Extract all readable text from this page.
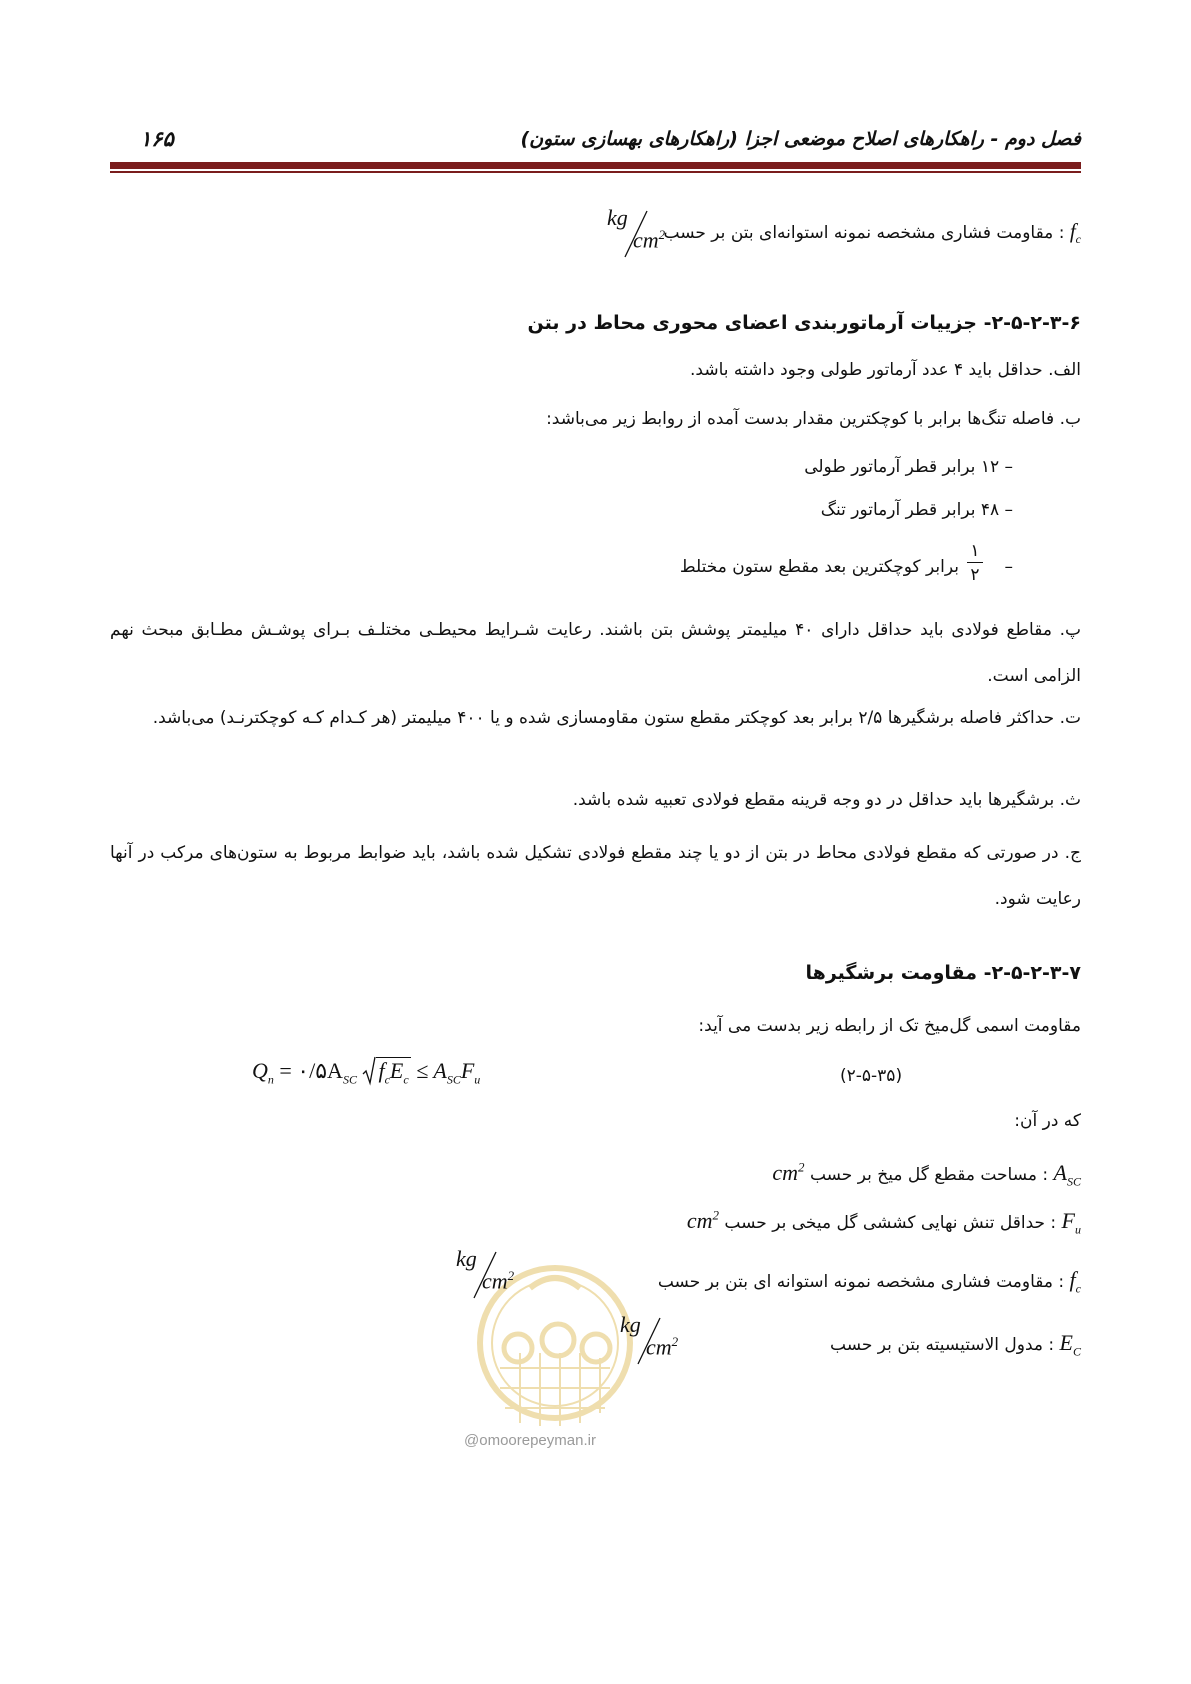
فصل دوم - راهکارهای اصلاح موضعی اجزا (راهکارهای بهسازی ستون)
۱۶۵
$f_c$ : مقاومت فشاری مشخصه نمونه استوانه‌ای بتن بر حسب
kg
$cm^2$
۲-۵-۲-۳-۶- جزییات آرماتوربندی اعضای محوری محاط در بتن
الف. حداقل باید ۴ عدد آرماتور طولی وجود داشته باشد.
ب. فاصله تنگ‌ها برابر با کوچکترین مقدار بدست آمده از روابط زیر می‌باشد:
– ۱۲ برابر قطر آرماتور طولی
– ۴۸ برابر قطر آرماتور تنگ
–
۱
۲
برابر کوچکترین بعد مقطع ستون مختلط
پ. مقاطع فولادی باید حداقل دارای ۴۰ میلیمتر پوشش بتن باشند. رعایت شـرایط محیطـی مختلـف بـرای پوشـش مطـابق مبحث نهم الزامی است.
ت. حداکثر فاصله برشگیرها ۲/۵ برابر بعد کوچکتر مقطع ستون مقاومسازی شده و یا ۴۰۰ میلیمتر (هر کـدام کـه کوچکترنـد) می‌باشد.
ث. برشگیرها باید حداقل در دو وجه قرینه مقطع فولادی تعبیه شده باشد.
ج. در صورتی که مقطع فولادی محاط در بتن از دو یا چند مقطع فولادی تشکیل شده باشد، باید ضوابط مربوط به ستون‌های مرکب در آنها رعایت شود.
۲-۵-۲-۳-۷- مقاومت برشگیرها
مقاومت اسمی گل‌میخ تک از رابطه زیر بدست می آید:
$Q_n$ = $۰/۵A_{SC}$ $f_cE_c \le A_{SC}F_u$	(۲-۵-۳۵)
که در آن:
$A_{SC}$ : مساحت مقطع گل میخ بر حسب $cm^2$
$F_u$ : حداقل تنش نهایی کششی گل میخی بر حسب $cm^2$
$f_c$ : مقاومت فشاری مشخصه نمونه استوانه ای بتن بر حسب
kg
$cm^2$
$E_C$ : مدول الاستیسیته بتن بر حسب
kg
$cm^2$
@omoorepeyman.ir
